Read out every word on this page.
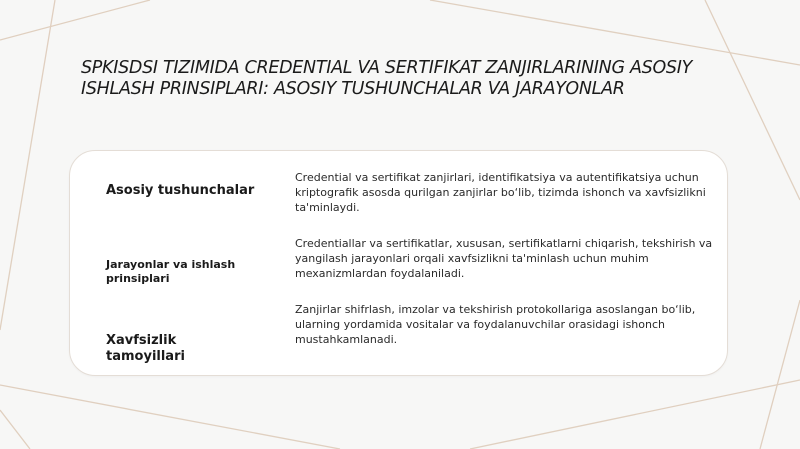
SPKISDSI TIZIMIDA CREDENTIAL VA SERTIFIKAT ZANJIRLARINING ASOSIY ISHLASH PRINSIPLARI: ASOSIY TUSHUNCHALAR VA JARAYONLAR
Asosiy tushunchalar
Credential va sertifikat zanjirlari, identifikatsiya va autentifikatsiya uchun kriptografik asosda qurilgan zanjirlar bo‘lib, tizimda ishonch va xavfsizlikni ta'minlaydi.
Jarayonlar va ishlash prinsiplari
Credentiallar va sertifikatlar, xususan, sertifikatlarni chiqarish, tekshirish va yangilash jarayonlari orqali xavfsizlikni ta'minlash uchun muhim mexanizmlardan foydalaniladi.
Xavfsizlik tamoyillari
Zanjirlar shifrlash, imzolar va tekshirish protokollariga asoslangan bo‘lib, ularning yordamida vositalar va foydalanuvchilar orasidagi ishonch mustahkamlanadi.
